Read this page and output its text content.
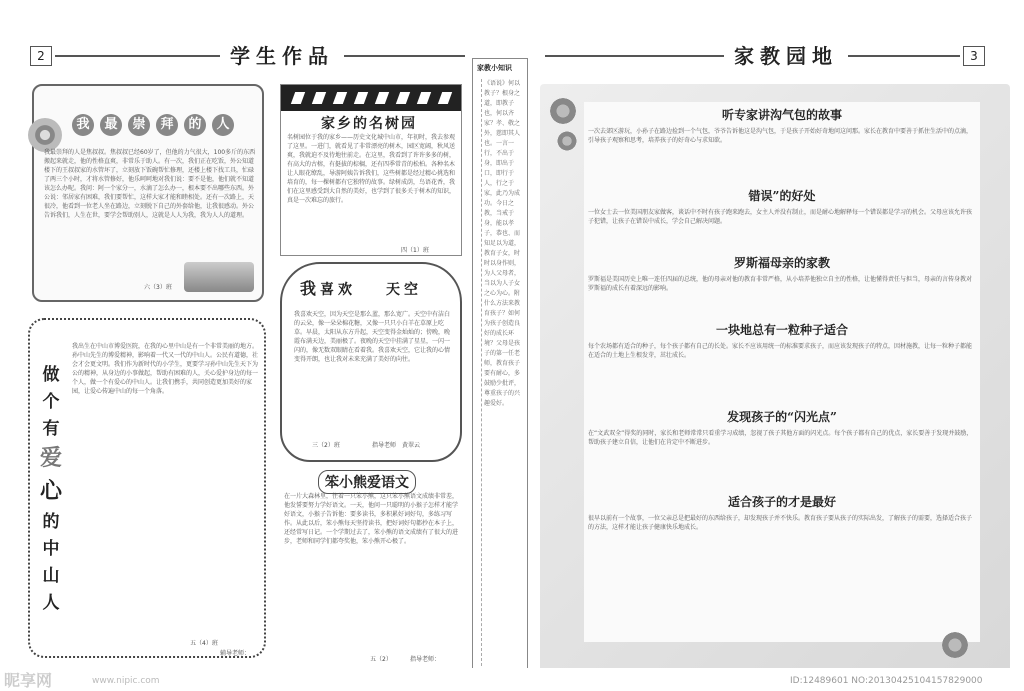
2	学生作品
我	最	崇	拜	的	人
我最崇拜的人是焦叔叔。焦叔叔已经60岁了，但他的力气很大，100多斤的东西搬起来就走，他的性格直爽，非常乐于助人。有一次，我们正在吃饭，外公知道楼下的王叔叔家的水管坏了，立刻放下饭碗帮忙修理，还楼上楼下找工具，忙碌了两三个小时，才将水管修好，他乐呵呵地对我们说：要不是他，他们就不知道该怎么办呢。我问：阿一个家分一，水滴了怎么办一，根本要不出哪些东西。外公说：邻居家有困难，我们要帮忙，这样大家才能和睦相处。还有一次路上，天很冷，他看到一位老人坐在路边，立刻脱下自己的外套给他，让我很感动。外公告诉我们，人生在世，要学会帮助别人，这就是人人为我，我为人人的道理。
六（3）班
家乡的名树园
名树园位于我的家乡——历史文化城中山市，年初时，我去参观了这里。一进门，就看见了非常漂亮的树木，园区宽阔，秋风送爽，我就迫不及待地往前走。在这里，我看到了许许多多的树，有高大的古榕，有挺拔的棕榈，还有四季常青的松柏。各种名木让人眼花缭乱，导游阿姨告诉我们，这些树都是经过精心挑选和培育的，每一棵树都有它独特的故事。绿树成荫，鸟语花香，我们在这里感受到大自然的美好，也学到了很多关于树木的知识，真是一次难忘的旅行。
四（1）班
做
个
有
爱
心
的
中
山
人
我出生在中山市博爱医院，在我的心里中山是有一个非常美丽的地方。孙中山先生的博爱精神，影响着一代又一代的中山人。公民有道德，社会才会更文明。我们作为新时代的小学生，更要学习孙中山先生天下为公的精神，从身边的小事做起，帮助有困难的人，关心爱护身边的每一个人，做一个有爱心的中山人。让我们携手，共同创造更加美好的家园，让爱心传遍中山的每一个角落。
五（4）班
辅导老师：
我 喜 欢 天 空
我喜欢天空，因为天空是那么蓝，那么宽广。天空中有洁白的云朵，像一朵朵棉花糖，又像一只只小白羊在草原上吃草。早晨，太阳从东方升起，天空变得金灿灿的；傍晚，晚霞布满天边，美丽极了。夜晚的天空中挂满了星星，一闪一闪的，像无数双眼睛在看着我。我喜欢天空，它让我的心情变得开朗，也让我对未来充满了美好的向往。
三（2）班	指导老师　黄翠云
笨小熊爱语文
在一片大森林里，住着一只笨小熊，这只笨小熊语文成绩非常差，他发誓要努力学好语文。一天，他问一只聪明的小猴子怎样才能学好语文，小猴子告诉他：要多读书，多积累好词好句，多练习写作。从此以后，笨小熊每天坚持读书，把好词好句都抄在本子上，还经常写日记。一个学期过去了，笨小熊的语文成绩有了很大的进步，老师和同学们都夸奖他，笨小熊开心极了。
五（2）	指导老师：
家教小知识
《语说》何以教子？根身之道，即教子也，何以齐家？孝、敬之外，慈即其人也。一言一行，不出于身，即出于口，即行于人，行之于家，此乃为成功。今日之教，当戒于身，能以孝子，恭也、而知足以为道，教育子女，时时以身作则，为人父母者，当以为人子女之心为心。附什么方法来教育孩子？如何为孩子创造良好的成长环境？父母是孩子的第一任老师，教育孩子要有耐心，多鼓励少批评，尊重孩子的兴趣爱好。
家教园地	3
听专家讲沟气包的故事
一次去郊区游玩，小孙子在路边捡到一个气包，爷爷告诉他这是沟气包，于是孩子开始好奇地问这问那。家长在教育中要善于抓住生活中的点滴，引导孩子观察和思考，培养孩子的好奇心与求知欲。
错误”的好处
一位女士去一位美国朋友家做客，谈话中不时有孩子跑来跑去，女主人并没有制止，而是耐心地解释每一个错误都是学习的机会。父母应该允许孩子犯错，让孩子在错误中成长，学会自己解决问题。
罗斯福母亲的家教
罗斯福是美国历史上唯一连任四届的总统，他的母亲对他的教育非常严格，从小培养他独立自主的性格，让他懂得责任与担当，母亲的言传身教对罗斯福的成长有着深远的影响。
一块地总有一粒种子适合
每个农场都有适合的种子，每个孩子都有自己的长处。家长不应该用统一的标准要求孩子，而应该发现孩子的特点，因材施教，让每一粒种子都能在适合的土地上生根发芽，茁壮成长。
发现孩子的“闪光点”
在“文武双全”得奖的同时，家长和老师常常只看重学习成绩，忽视了孩子其他方面的闪光点。每个孩子都有自己的优点，家长要善于发现并鼓励，帮助孩子建立自信，让他们在肯定中不断进步。
适合孩子的才是最好
很早以前有一个故事，一位父亲总是把最好的东西给孩子，却发现孩子并不快乐。教育孩子要从孩子的实际出发，了解孩子的需要，选择适合孩子的方法，这样才能让孩子健康快乐地成长。
昵享网	www.nipic.com	ID:12489601 NO:20130425104157829000
